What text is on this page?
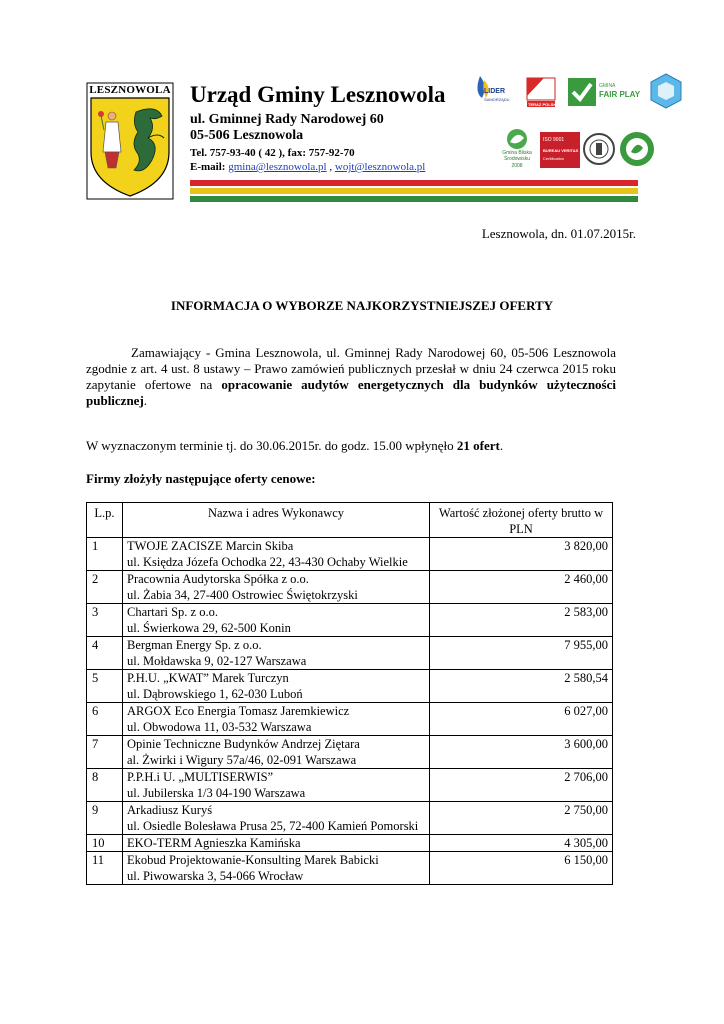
LESZNOWOLA Urząd Gminy Lesznowola
ul. Gminnej Rady Narodowej 60
05-506 Lesznowola
Tel. 757-93-40 ( 42 ), fax: 757-92-70
E-mail: gmina@lesznowola.pl , wojt@lesznowola.pl
LIDER
SAMORZĄDU
TERAZ POLSKA
GMINA
FAIR PLAY
Gmina Bliska Środowisku
2008
ISO 9001
BUREAU VERITAS
Certification
Lesznowola, dn. 01.07.2015r.
INFORMACJA O WYBORZE NAJKORZYSTNIEJSZEJ OFERTY

Zamawiający - Gmina Lesznowola, ul. Gminnej Rady Narodowej 60, 05-506 Lesznowola zgodnie z art. 4 ust. 8 ustawy – Prawo zamówień publicznych przesłał w dniu 24 czerwca 2015 roku zapytanie ofertowe na opracowanie audytów energetycznych dla budynków użyteczności publicznej.

W wyznaczonym terminie tj. do 30.06.2015r. do godz. 15.00 wpłynęło 21 ofert.
Firmy złożyły następujące oferty cenowe:
L.p.	Nazwa i adres Wykonawcy	Wartość złożonej oferty brutto w PLN
1	TWOJE ZACISZE Marcin Skiba
ul. Księdza Józefa Ochodka 22, 43-430 Ochaby Wielkie	3 820,00
2	Pracownia Audytorska Spółka z o.o.
ul. Żabia 34, 27-400 Ostrowiec Świętokrzyski	2 460,00
3	Chartari Sp. z o.o.
ul. Świerkowa 29, 62-500 Konin	2 583,00
4	Bergman Energy Sp. z o.o.
ul. Mołdawska 9, 02-127 Warszawa	7 955,00
5	P.H.U. „KWAT” Marek Turczyn
ul. Dąbrowskiego 1, 62-030 Luboń	2 580,54
6	ARGOX Eco Energia Tomasz Jaremkiewicz
ul. Obwodowa 11, 03-532 Warszawa	6 027,00
7	Opinie Techniczne Budynków Andrzej Ziętara
al. Żwirki i Wigury 57a/46, 02-091 Warszawa	3 600,00
8	P.P.H.i U. „MULTISERWIS”
ul. Jubilerska 1/3 04-190 Warszawa	2 706,00
9	Arkadiusz Kuryś
ul. Osiedle Bolesława Prusa 25, 72-400 Kamień Pomorski	2 750,00
10	EKO-TERM Agnieszka Kamińska	4 305,00
11	Ekobud Projektowanie-Konsulting Marek Babicki
ul. Piwowarska 3, 54-066 Wrocław	6 150,00
